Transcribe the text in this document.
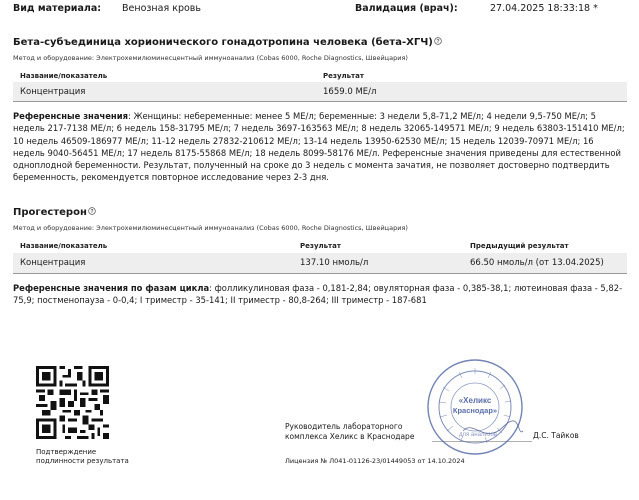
Вид материала: Венозная кровь	Валидация (врач):	27.04.2025 18:33:18 *
Бета-субъединица хорионического гонадотропина человека (бета-ХГЧ) ?
Метод и оборудование: Электрохемилюминесцентный иммуноанализ (Cobas 6000, Roche Diagnostics, Швейцария)
Название/показатель	Результат
Концентрация	1659.0 МЕ/л
Референсные значения: Женщины: небеременные: менее 5 МЕ/л; беременные: 3 недели 5,8-71,2 МЕ/л; 4 недели 9,5-750 МЕ/л; 5 недель 217-7138 МЕ/л; 6 недель 158-31795 МЕ/л; 7 недель 3697-163563 МЕ/л; 8 недель 32065-149571 МЕ/л; 9 недель 63803-151410 МЕ/л; 10 недель 46509-186977 МЕ/л; 11-12 недель 27832-210612 МЕ/л; 13-14 недель 13950-62530 МЕ/л; 15 недель 12039-70971 МЕ/л; 16 недель 9040-56451 МЕ/л; 17 недель 8175-55868 МЕ/л; 18 недель 8099-58176 МЕ/л. Референсные значения приведены для естественной одноплодной беременности. Результат, полученный на сроке до 3 недель с момента зачатия, не позволяет достоверно подтвердить беременность, рекомендуется повторное исследование через 2-3 дня.
Прогестерон ?
Метод и оборудование: Электрохемилюминесцентный иммуноанализ (Cobas 6000, Roche Diagnostics, Швейцария)
Название/показатель	Результат	Предыдущий результат
Концентрация	137.10 нмоль/л	66.50 нмоль/л (от 13.04.2025)
Референсные значения по фазам цикла: фолликулиновая фаза - 0,181-2,84; овуляторная фаза - 0,385-38,1; лютеиновая фаза - 5,82-75,9; постменопауза - 0-0,4; I триместр - 35-141; II триместр - 80,8-264; III триместр - 187-681
Подтверждение
подлинности результата
Руководитель лабораторного
комплекса Хеликс в Краснодаре	Д.С. Тайков
Лицензия № Л041-01126-23/01449053 от 14.10.2024
«Хеликс
Краснодар»
для анализов
